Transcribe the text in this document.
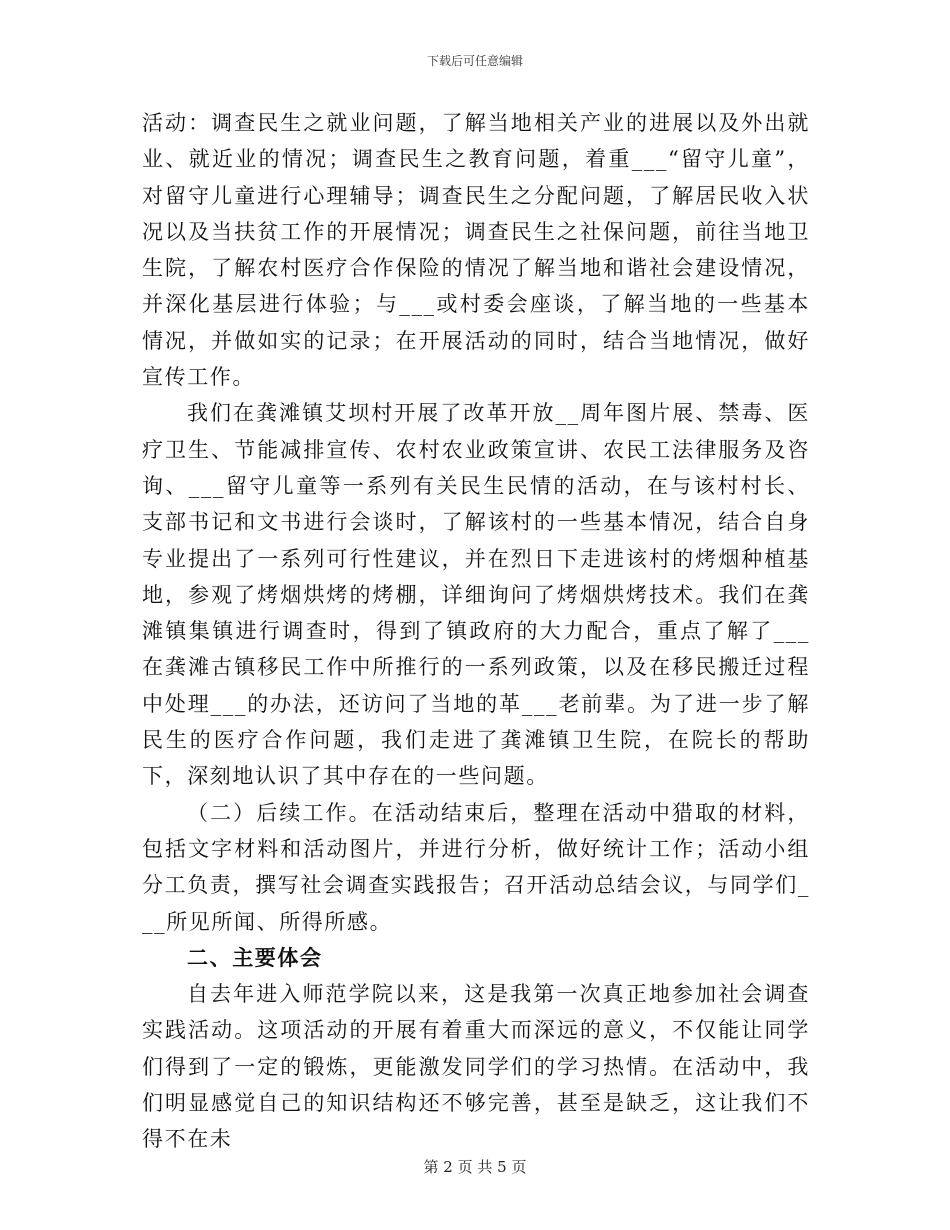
下载后可任意编辑

活动：调查民生之就业问题，了解当地相关产业的进展以及外出就业、就近业的情况；调查民生之教育问题，着重___“留守儿童”，对留守儿童进行心理辅导；调查民生之分配问题，了解居民收入状况以及当扶贫工作的开展情况；调查民生之社保问题，前往当地卫生院，了解农村医疗合作保险的情况了解当地和谐社会建设情况，并深化基层进行体验；与___或村委会座谈，了解当地的一些基本情况，并做如实的记录；在开展活动的同时，结合当地情况，做好宣传工作。

我们在龚滩镇艾坝村开展了改革开放__周年图片展、禁毒、医疗卫生、节能减排宣传、农村农业政策宣讲、农民工法律服务及咨询、___留守儿童等一系列有关民生民情的活动，在与该村村长、支部书记和文书进行会谈时，了解该村的一些基本情况，结合自身专业提出了一系列可行性建议，并在烈日下走进该村的烤烟种植基地，参观了烤烟烘烤的烤棚，详细询问了烤烟烘烤技术。我们在龚滩镇集镇进行调查时，得到了镇政府的大力配合，重点了解了___在龚滩古镇移民工作中所推行的一系列政策，以及在移民搬迁过程中处理___的办法，还访问了当地的革___老前辈。为了进一步了解民生的医疗合作问题，我们走进了龚滩镇卫生院，在院长的帮助下，深刻地认识了其中存在的一些问题。

（二）后续工作。在活动结束后，整理在活动中猎取的材料，包括文字材料和活动图片，并进行分析，做好统计工作；活动小组分工负责，撰写社会调查实践报告；召开活动总结会议，与同学们___所见所闻、所得所感。

二、主要体会

自去年进入师范学院以来，这是我第一次真正地参加社会调查实践活动。这项活动的开展有着重大而深远的意义，不仅能让同学们得到了一定的锻炼，更能激发同学们的学习热情。在活动中，我们明显感觉自己的知识结构还不够完善，甚至是缺乏，这让我们不得不在未

第 2 页 共 5 页
